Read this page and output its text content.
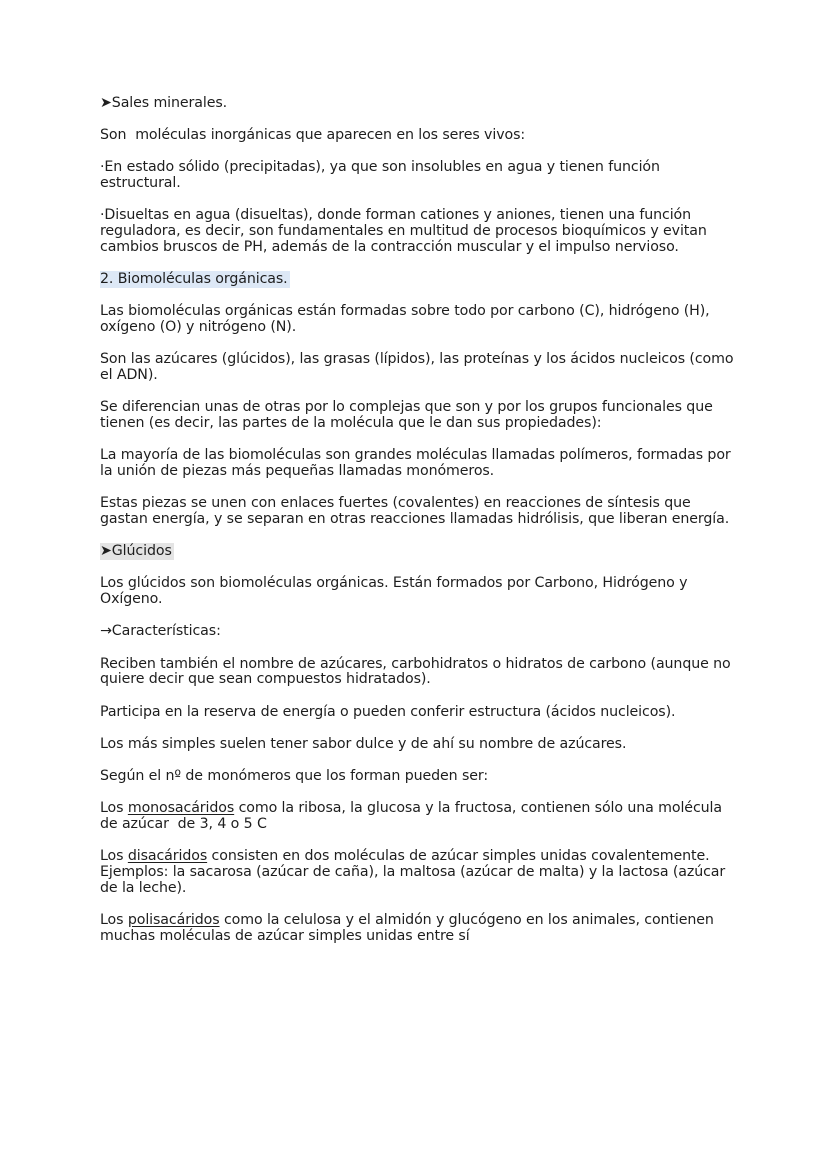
➤Sales minerales.

Son  moléculas inorgánicas que aparecen en los seres vivos:

·En estado sólido (precipitadas), ya que son insolubles en agua y tienen función estructural.

·Disueltas en agua (disueltas), donde forman cationes y aniones, tienen una función reguladora, es decir, son fundamentales en multitud de procesos bioquímicos y evitan cambios bruscos de PH, además de la contracción muscular y el impulso nervioso.

2. Biomoléculas orgánicas.

Las biomoléculas orgánicas están formadas sobre todo por carbono (C), hidrógeno (H), oxígeno (O) y nitrógeno (N).

Son las azúcares (glúcidos), las grasas (lípidos), las proteínas y los ácidos nucleicos (como el ADN).

Se diferencian unas de otras por lo complejas que son y por los grupos funcionales que tienen (es decir, las partes de la molécula que le dan sus propiedades):

La mayoría de las biomoléculas son grandes moléculas llamadas polímeros, formadas por la unión de piezas más pequeñas llamadas monómeros.

Estas piezas se unen con enlaces fuertes (covalentes) en reacciones de síntesis que gastan energía, y se separan en otras reacciones llamadas hidrólisis, que liberan energía.

➤Glúcidos

Los glúcidos son biomoléculas orgánicas. Están formados por Carbono, Hidrógeno y Oxígeno.

→Características:

Reciben también el nombre de azúcares, carbohidratos o hidratos de carbono (aunque no quiere decir que sean compuestos hidratados).

Participa en la reserva de energía o pueden conferir estructura (ácidos nucleicos).

Los más simples suelen tener sabor dulce y de ahí su nombre de azúcares.

Según el nº de monómeros que los forman pueden ser:

Los monosacáridos como la ribosa, la glucosa y la fructosa, contienen sólo una molécula de azúcar  de 3, 4 o 5 C

Los disacáridos consisten en dos moléculas de azúcar simples unidas covalentemente. Ejemplos: la sacarosa (azúcar de caña), la maltosa (azúcar de malta) y la lactosa (azúcar de la leche).

Los polisacáridos como la celulosa y el almidón y glucógeno en los animales, contienen muchas moléculas de azúcar simples unidas entre sí
